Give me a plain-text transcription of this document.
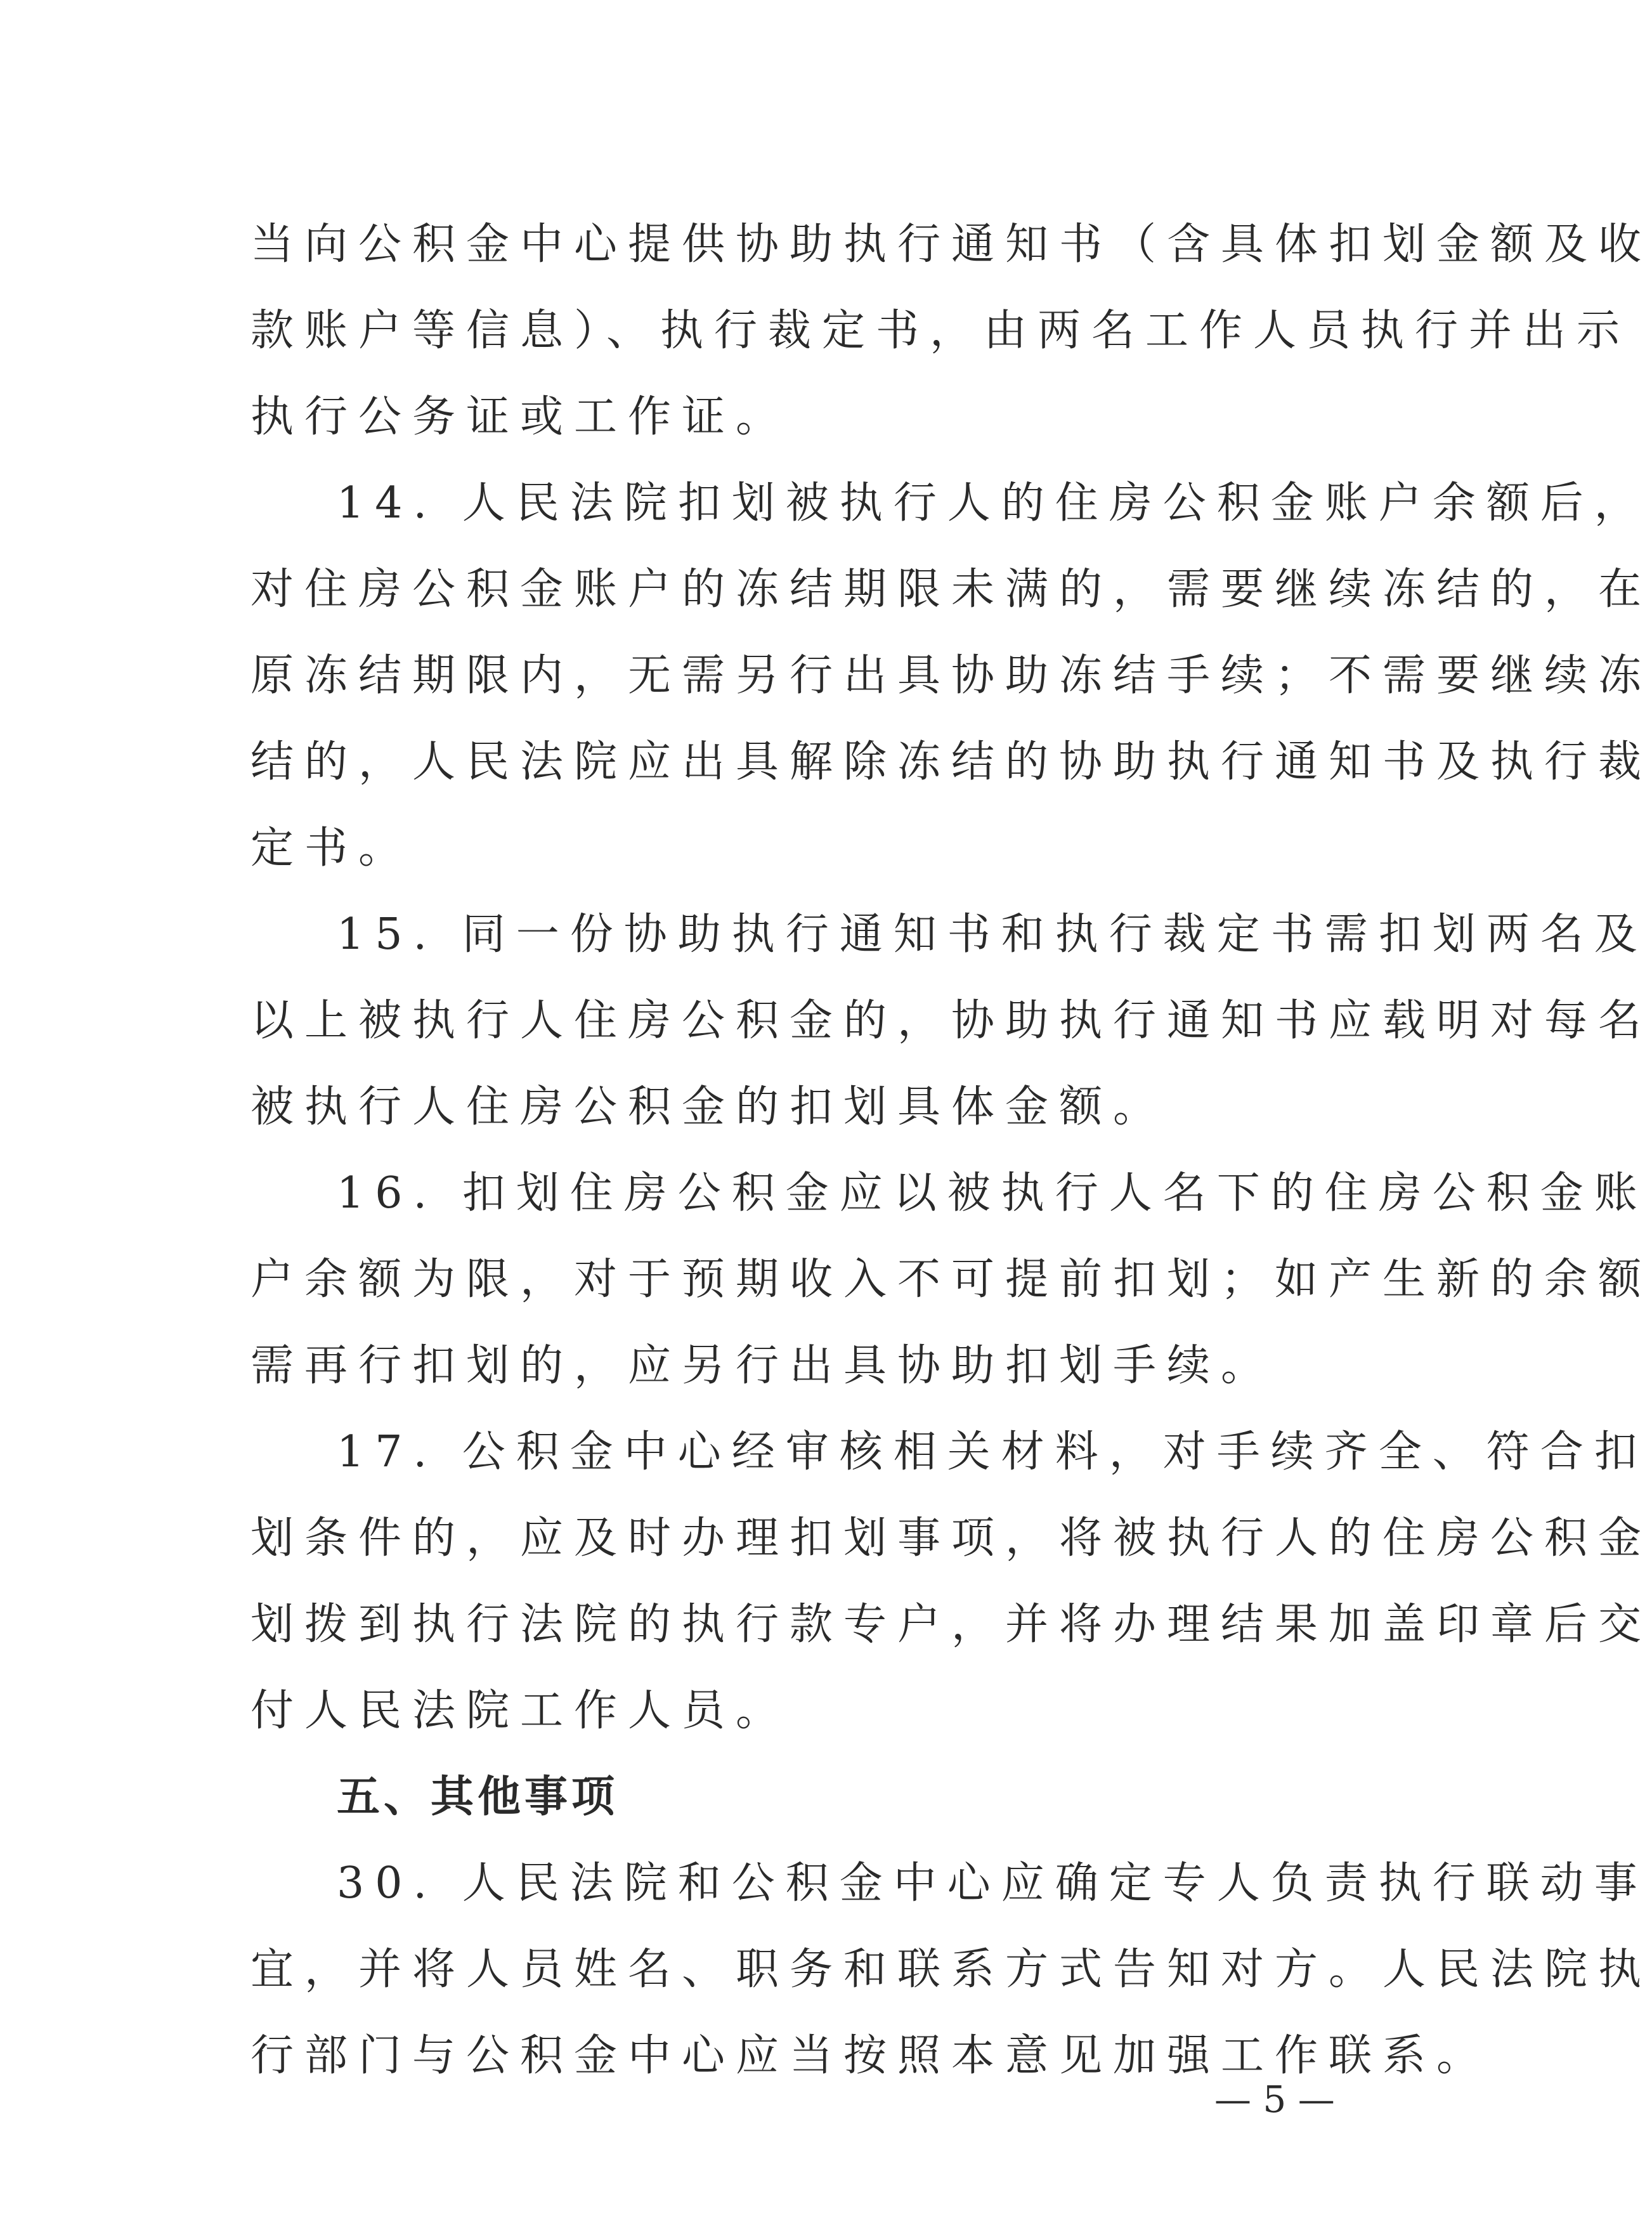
当向公积金中心提供协助执行通知书（含具体扣划金额及收
款账户等信息）、执行裁定书，由两名工作人员执行并出示
执行公务证或工作证。
14. 人民法院扣划被执行人的住房公积金账户余额后，
对住房公积金账户的冻结期限未满的，需要继续冻结的，在
原冻结期限内，无需另行出具协助冻结手续；不需要继续冻
结的，人民法院应出具解除冻结的协助执行通知书及执行裁
定书。
15. 同一份协助执行通知书和执行裁定书需扣划两名及
以上被执行人住房公积金的，协助执行通知书应载明对每名
被执行人住房公积金的扣划具体金额。
16. 扣划住房公积金应以被执行人名下的住房公积金账
户余额为限，对于预期收入不可提前扣划；如产生新的余额
需再行扣划的，应另行出具协助扣划手续。
17. 公积金中心经审核相关材料，对手续齐全、符合扣
划条件的，应及时办理扣划事项，将被执行人的住房公积金
划拨到执行法院的执行款专户，并将办理结果加盖印章后交
付人民法院工作人员。
五、其他事项
30. 人民法院和公积金中心应确定专人负责执行联动事
宜，并将人员姓名、职务和联系方式告知对方。人民法院执
行部门与公积金中心应当按照本意见加强工作联系。
— 5 —
